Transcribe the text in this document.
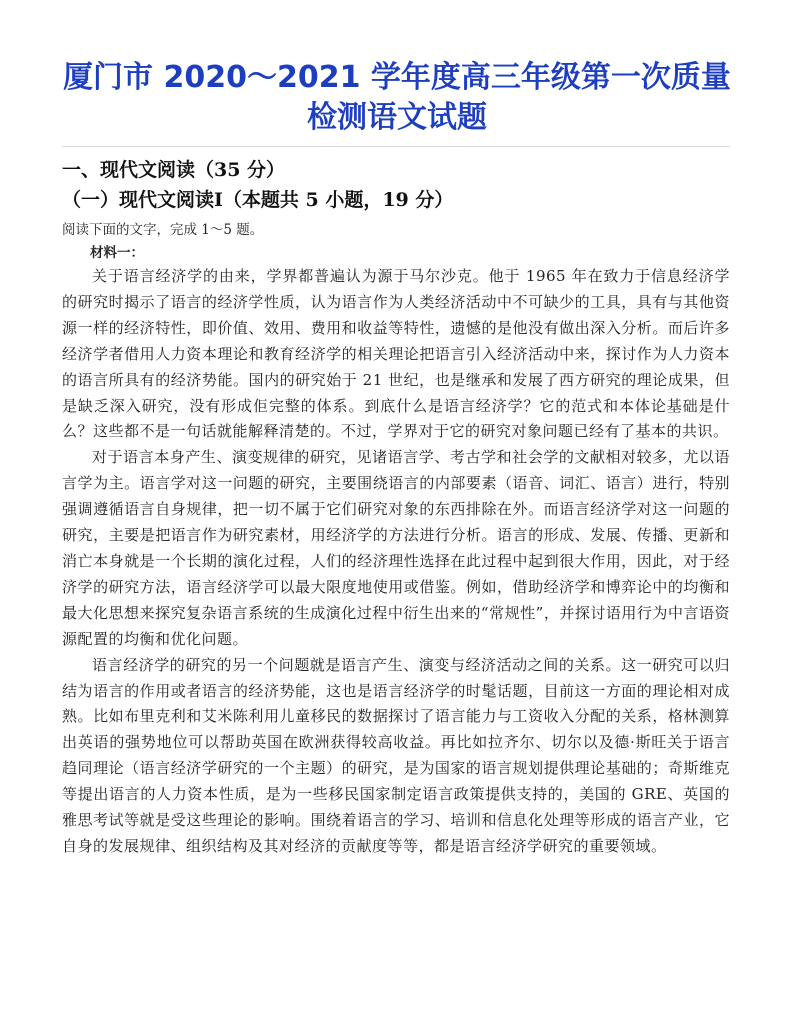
厦门市 2020～2021 学年度高三年级第一次质量
检测语文试题
一、现代文阅读（35 分）
（一）现代文阅读Ⅰ（本题共 5 小题，19 分）
阅读下面的文字，完成 1～5 题。
材料一：

关于语言经济学的由来，学界都普遍认为源于马尔沙克。他于 1965 年在致力于信息经济学的研究时揭示了语言的经济学性质，认为语言作为人类经济活动中不可缺少的工具，具有与其他资源一样的经济特性，即价值、效用、费用和收益等特性，遗憾的是他没有做出深入分析。而后许多经济学者借用人力资本理论和教育经济学的相关理论把语言引入经济活动中来，探讨作为人力资本的语言所具有的经济势能。国内的研究始于 21 世纪，也是继承和发展了西方研究的理论成果，但是缺乏深入研究，没有形成佢完整的体系。到底什么是语言经济学？它的范式和本体论基础是什么？这些都不是一句话就能解释清楚的。不过，学界对于它的研究对象问题已经有了基本的共识。

对于语言本身产生、演变规律的研究，见诸语言学、考古学和社会学的文献相对较多，尤以语言学为主。语言学对这一问题的研究，主要围绕语言的内部要素（语音、词汇、语言）进行，特别强调遵循语言自身规律，把一切不属于它们研究对象的东西排除在外。而语言经济学对这一问题的研究，主要是把语言作为研究素材，用经济学的方法进行分析。语言的形成、发展、传播、更新和消亡本身就是一个长期的演化过程，人们的经济理性选择在此过程中起到很大作用，因此，对于经济学的研究方法，语言经济学可以最大限度地使用或借鉴。例如，借助经济学和博弈论中的均衡和最大化思想来探究复杂语言系统的生成演化过程中衍生出来的“常规性”，并探讨语用行为中言语资源配置的均衡和优化问题。

语言经济学的研究的另一个问题就是语言产生、演变与经济活动之间的关系。这一研究可以归结为语言的作用或者语言的经济势能，这也是语言经济学的时髦话题，目前这一方面的理论相对成熟。比如布里克利和艾米陈利用儿童移民的数据探讨了语言能力与工资收入分配的关系，格林测算出英语的强势地位可以帮助英国在欧洲获得较高收益。再比如拉齐尔、切尔以及德·斯旺关于语言趋同理论（语言经济学研究的一个主题）的研究，是为国家的语言规划提供理论基础的；奇斯维克等提出语言的人力资本性质，是为一些移民国家制定语言政策提供支持的，美国的 GRE、英国的雅思考试等就是受这些理论的影响。围绕着语言的学习、培训和信息化处理等形成的语言产业，它自身的发展规律、组织结构及其对经济的贡献度等等，都是语言经济学研究的重要领域。
